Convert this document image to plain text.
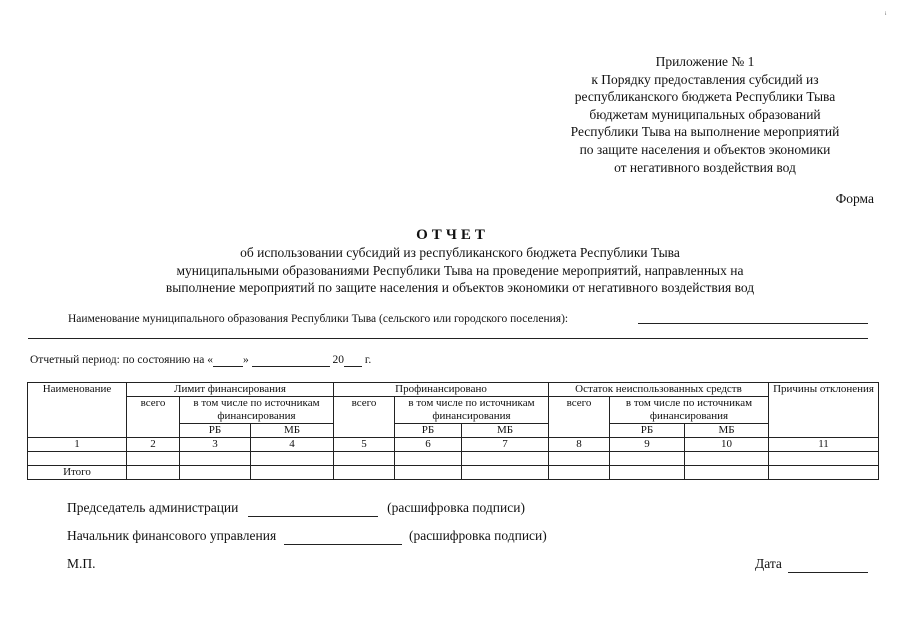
ᵢ
Приложение № 1
к Порядку предоставления субсидий из
республиканского бюджета Республики Тыва
бюджетам муниципальных образований
Республики Тыва на выполнение мероприятий
по защите населения и объектов экономики
от негативного воздействия вод
Форма
ОТЧЕТ
об использовании субсидий из республиканского бюджета Республики Тыва
муниципальными образованиями Республики Тыва на проведение мероприятий, направленных на
выполнение мероприятий по защите населения и объектов экономики от негативного воздействия вод
Наименование муниципального образования Республики Тыва (сельского или городского поселения):
Отчетный период: по состоянию на «	»	20 г.
Наименование	Лимит финансирования			Профинансировано			Остаток неиспользованных средств			Причины отклонения
	всего	в том числе по источникам финансирования		всего	в том числе по источникам финансирования		всего	в том числе по источникам финансирования		
		РБ	МБ		РБ	МБ		РБ	МБ	
1	2	3	4	5	6	7	8	9	10	11

Итого										
Председатель администрации	(расшифровка подписи)
Начальник финансового управления	(расшифровка подписи)
М.П.	Дата
